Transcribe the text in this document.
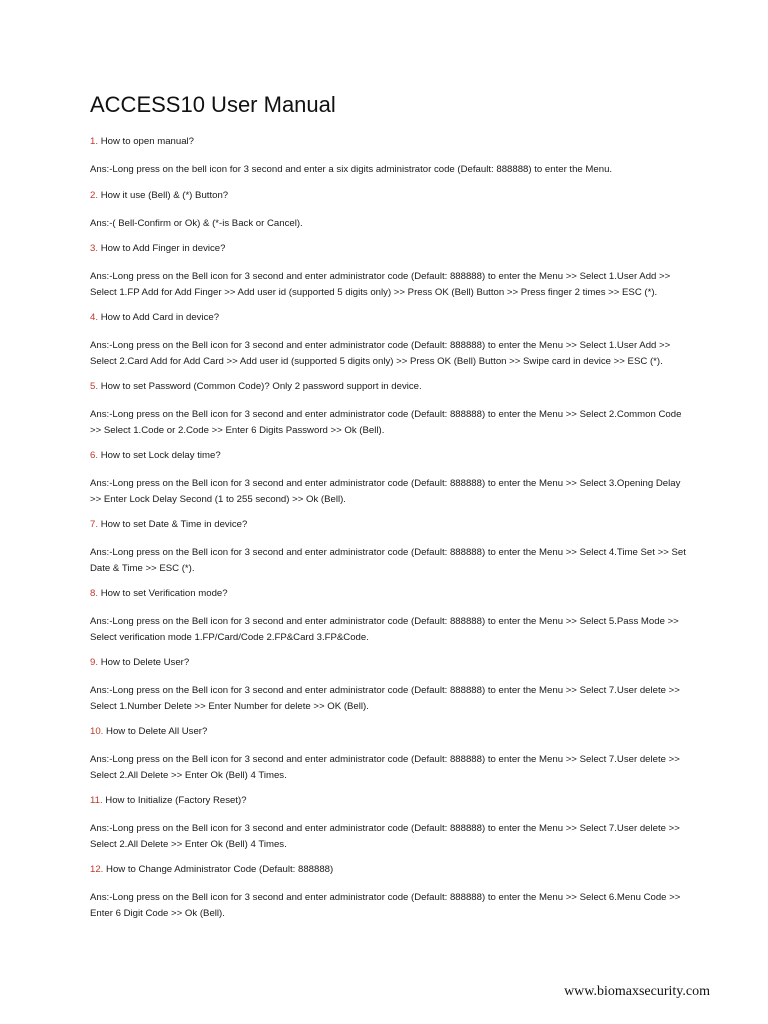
ACCESS10 User Manual

1. How to open manual?

Ans:-Long press on the bell icon for 3 second and enter a six digits administrator code (Default: 888888) to enter the Menu.

2. How it use (Bell) & (*) Button?

Ans:-( Bell-Confirm or Ok) & (*-is Back or Cancel).

3. How to Add Finger in device?

Ans:-Long press on the Bell icon for 3 second and enter administrator code (Default: 888888) to enter the Menu >> Select 1.User Add >> Select 1.FP Add for Add Finger >> Add user id (supported 5 digits only) >> Press OK (Bell) Button >> Press finger 2 times >> ESC (*).

4. How to Add Card in device?

Ans:-Long press on the Bell icon for 3 second and enter administrator code (Default: 888888) to enter the Menu >> Select 1.User Add >> Select 2.Card Add for Add Card >> Add user id (supported 5 digits only) >> Press OK (Bell) Button >> Swipe card in device >> ESC (*).

5. How to set Password (Common Code)? Only 2 password support in device.

Ans:-Long press on the Bell icon for 3 second and enter administrator code (Default: 888888) to enter the Menu >> Select 2.Common Code >> Select 1.Code or 2.Code >> Enter 6 Digits Password >> Ok (Bell).

6. How to set Lock delay time?

Ans:-Long press on the Bell icon for 3 second and enter administrator code (Default: 888888) to enter the Menu >> Select 3.Opening Delay >> Enter Lock Delay Second (1 to 255 second) >> Ok (Bell).

7. How to set Date & Time in device?

Ans:-Long press on the Bell icon for 3 second and enter administrator code (Default: 888888) to enter the Menu >> Select 4.Time Set >> Set Date & Time >> ESC (*).

8. How to set Verification mode?

Ans:-Long press on the Bell icon for 3 second and enter administrator code (Default: 888888) to enter the Menu >> Select 5.Pass Mode >> Select verification mode 1.FP/Card/Code 2.FP&Card 3.FP&Code.

9. How to Delete User?

Ans:-Long press on the Bell icon for 3 second and enter administrator code (Default: 888888) to enter the Menu >> Select 7.User delete >> Select 1.Number Delete >> Enter Number for delete >> OK (Bell).

10. How to Delete All User?

Ans:-Long press on the Bell icon for 3 second and enter administrator code (Default: 888888) to enter the Menu >> Select 7.User delete >> Select 2.All Delete >> Enter Ok (Bell) 4 Times.

11. How to Initialize (Factory Reset)?

Ans:-Long press on the Bell icon for 3 second and enter administrator code (Default: 888888) to enter the Menu >> Select 7.User delete >> Select 2.All Delete >> Enter Ok (Bell) 4 Times.

12. How to Change Administrator Code (Default: 888888)

Ans:-Long press on the Bell icon for 3 second and enter administrator code (Default: 888888) to enter the Menu >> Select 6.Menu Code >> Enter 6 Digit Code >> Ok (Bell).

www.biomaxsecurity.com
